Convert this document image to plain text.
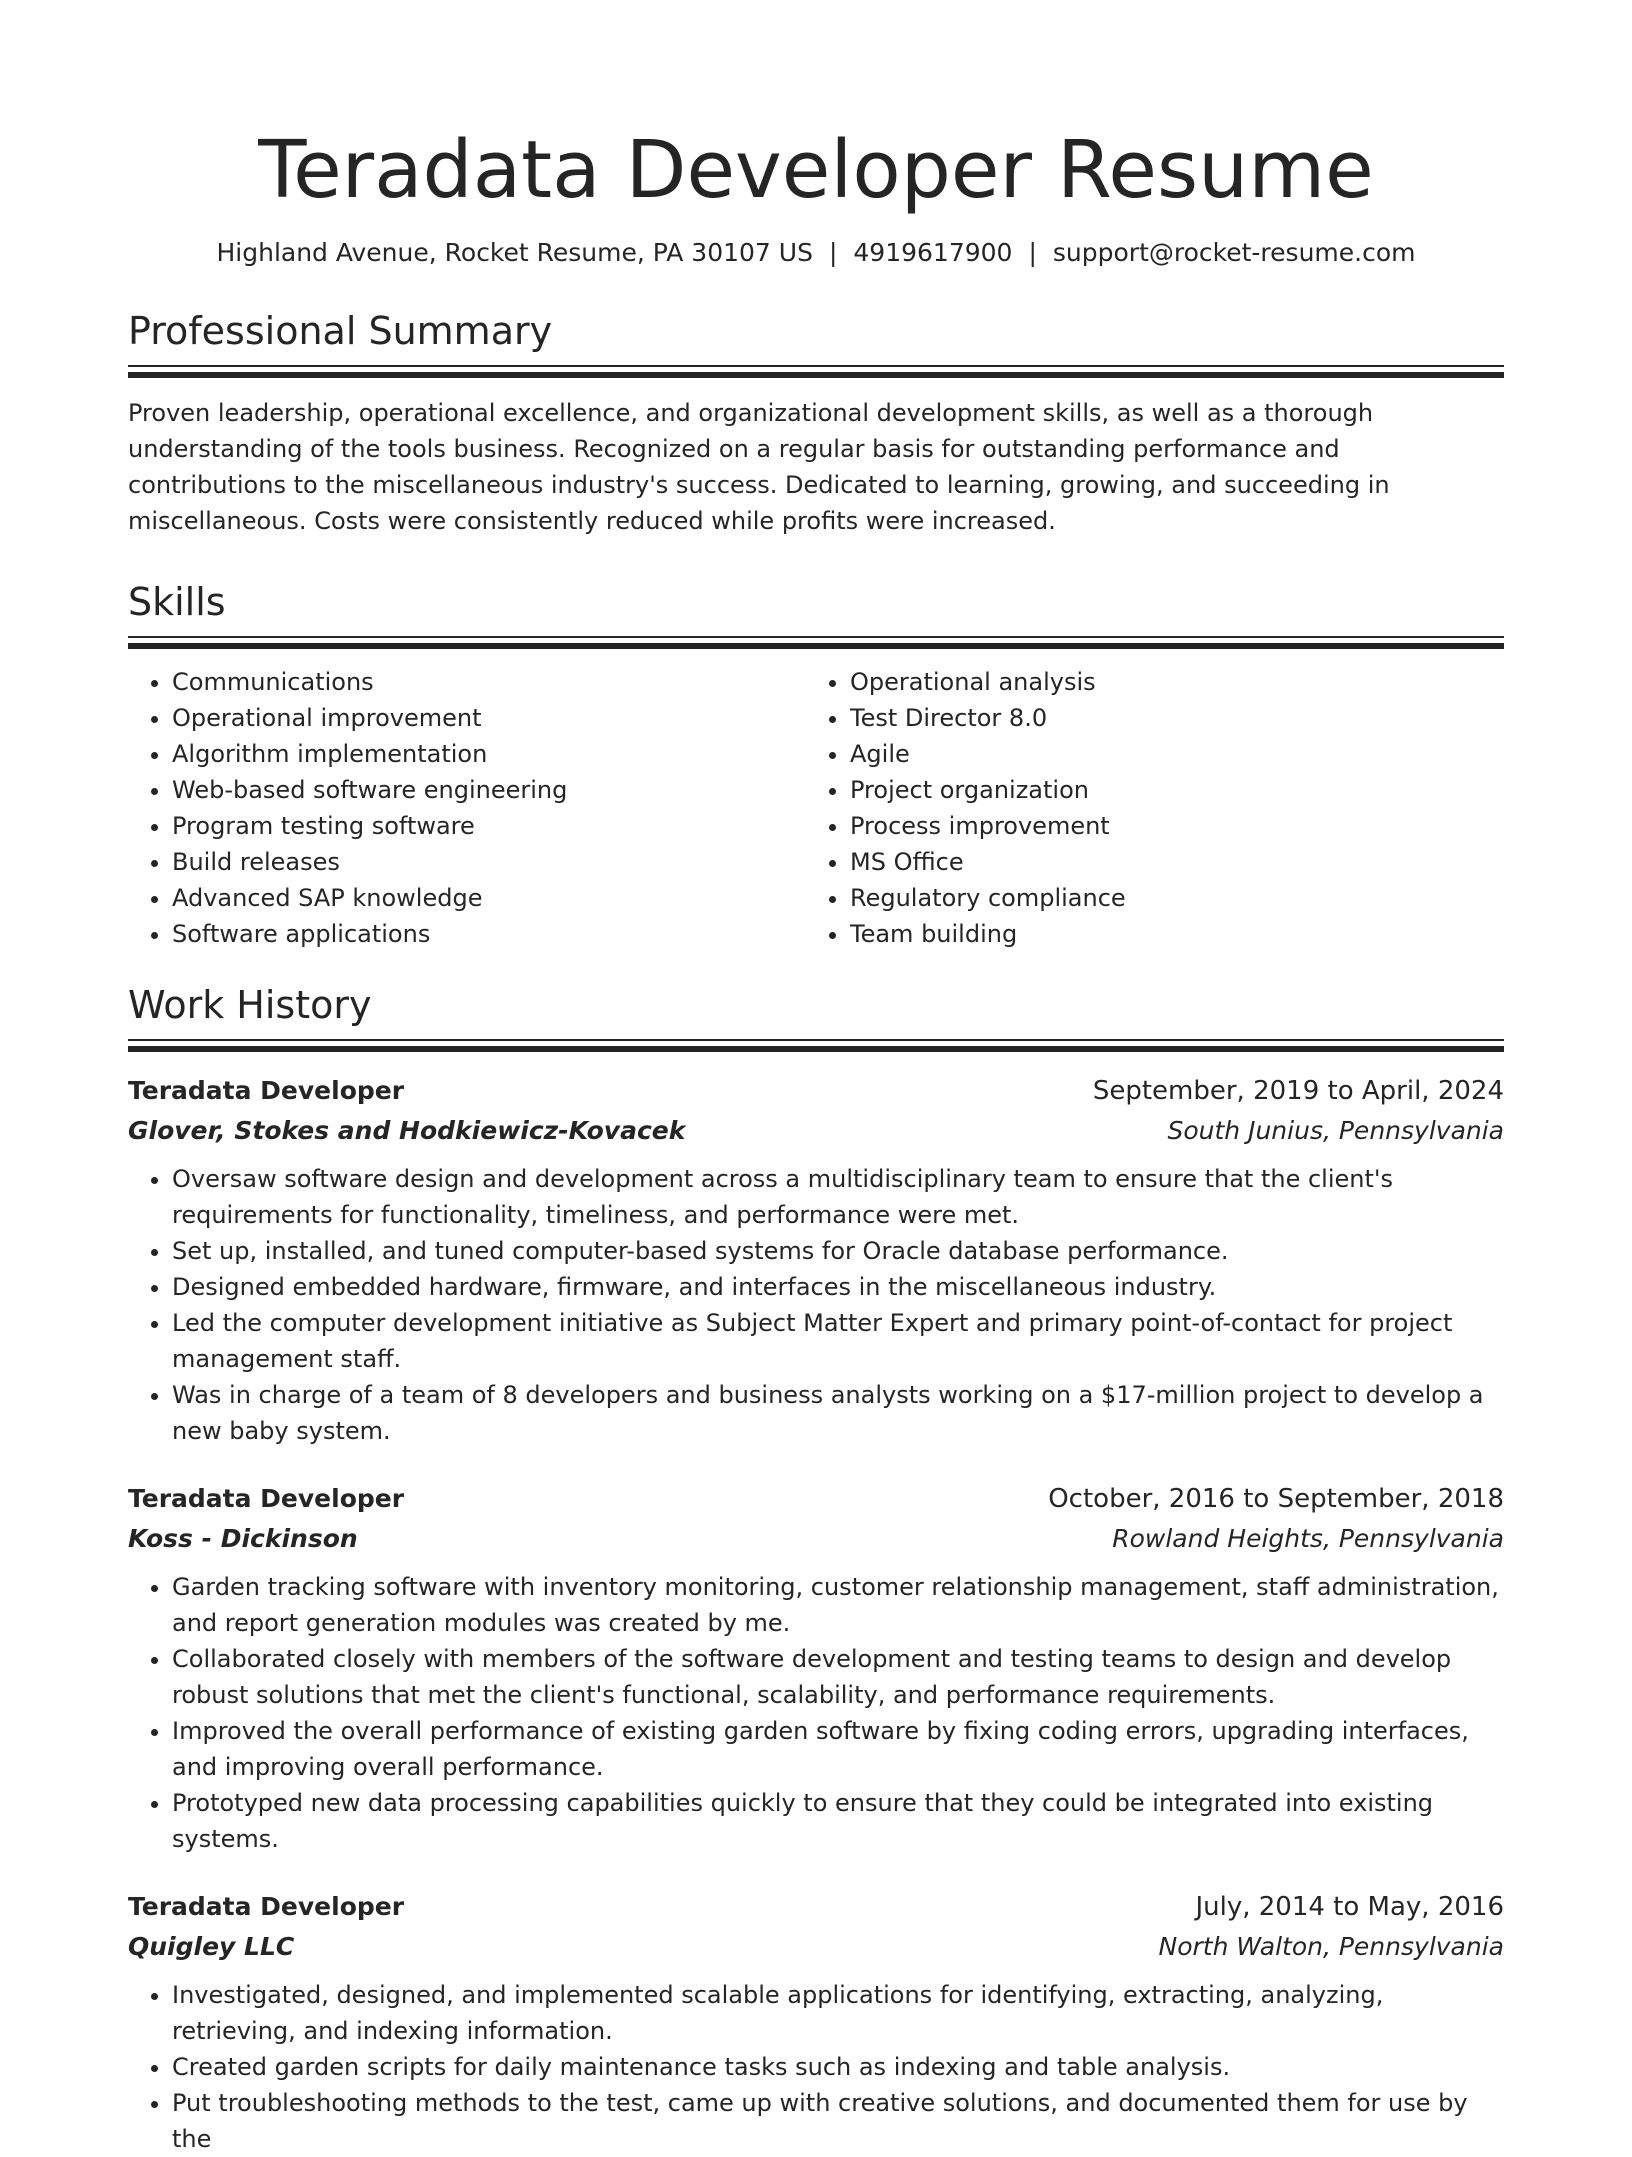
Teradata Developer Resume
Highland Avenue, Rocket Resume, PA 30107 US | 4919617900 | support@rocket-resume.com
Professional Summary
Proven leadership, operational excellence, and organizational development skills, as well as a thorough understanding of the tools business. Recognized on a regular basis for outstanding performance and contributions to the miscellaneous industry's success. Dedicated to learning, growing, and succeeding in miscellaneous. Costs were consistently reduced while profits were increased.
Skills
• Communications
• Operational improvement
• Algorithm implementation
• Web-based software engineering
• Program testing software
• Build releases
• Advanced SAP knowledge
• Software applications
• Operational analysis
• Test Director 8.0
• Agile
• Project organization
• Process improvement
• MS Office
• Regulatory compliance
• Team building
Work History
Teradata Developer	September, 2019 to April, 2024
Glover, Stokes and Hodkiewicz-Kovacek	South Junius, Pennsylvania
• Oversaw software design and development across a multidisciplinary team to ensure that the client's requirements for functionality, timeliness, and performance were met.
• Set up, installed, and tuned computer-based systems for Oracle database performance.
• Designed embedded hardware, firmware, and interfaces in the miscellaneous industry.
• Led the computer development initiative as Subject Matter Expert and primary point-of-contact for project management staff.
• Was in charge of a team of 8 developers and business analysts working on a $17-million project to develop a new baby system.
Teradata Developer	October, 2016 to September, 2018
Koss - Dickinson	Rowland Heights, Pennsylvania
• Garden tracking software with inventory monitoring, customer relationship management, staff administration, and report generation modules was created by me.
• Collaborated closely with members of the software development and testing teams to design and develop robust solutions that met the client's functional, scalability, and performance requirements.
• Improved the overall performance of existing garden software by fixing coding errors, upgrading interfaces, and improving overall performance.
• Prototyped new data processing capabilities quickly to ensure that they could be integrated into existing systems.
Teradata Developer	July, 2014 to May, 2016
Quigley LLC	North Walton, Pennsylvania
• Investigated, designed, and implemented scalable applications for identifying, extracting, analyzing, retrieving, and indexing information.
• Created garden scripts for daily maintenance tasks such as indexing and table analysis.
• Put troubleshooting methods to the test, came up with creative solutions, and documented them for use by the
